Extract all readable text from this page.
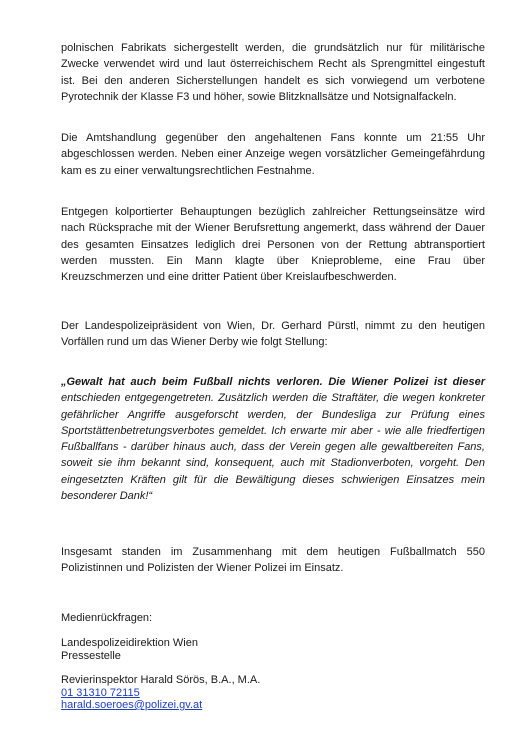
polnischen Fabrikats sichergestellt werden, die grundsätzlich nur für militärische Zwecke verwendet wird und laut österreichischem Recht als Sprengmittel eingestuft ist. Bei den anderen Sicherstellungen handelt es sich vorwiegend um verbotene Pyrotechnik der Klasse F3 und höher, sowie Blitzknallsätze und Notsignalfackeln.

Die Amtshandlung gegenüber den angehaltenen Fans konnte um 21:55 Uhr abgeschlossen werden. Neben einer Anzeige wegen vorsätzlicher Gemeingefährdung kam es zu einer verwaltungsrechtlichen Festnahme.

Entgegen kolportierter Behauptungen bezüglich zahlreicher Rettungseinsätze wird nach Rücksprache mit der Wiener Berufsrettung angemerkt, dass während der Dauer des gesamten Einsatzes lediglich drei Personen von der Rettung abtransportiert werden mussten. Ein Mann klagte über Knieprobleme, eine Frau über Kreuzschmerzen und eine dritter Patient über Kreislaufbeschwerden.

Der Landespolizeipräsident von Wien, Dr. Gerhard Pürstl, nimmt zu den heutigen Vorfällen rund um das Wiener Derby wie folgt Stellung:

„Gewalt hat auch beim Fußball nichts verloren. Die Wiener Polizei ist dieser entschieden entgegengetreten. Zusätzlich werden die Straftäter, die wegen konkreter gefährlicher Angriffe ausgeforscht werden, der Bundesliga zur Prüfung eines Sportstättenbetretungsverbotes gemeldet. Ich erwarte mir aber - wie alle friedfertigen Fußballfans - darüber hinaus auch, dass der Verein gegen alle gewaltbereiten Fans, soweit sie ihm bekannt sind, konsequent, auch mit Stadionverboten, vorgeht. Den eingesetzten Kräften gilt für die Bewältigung dieses schwierigen Einsatzes mein besonderer Dank!“

Insgesamt standen im Zusammenhang mit dem heutigen Fußballmatch 550 Polizistinnen und Polizisten der Wiener Polizei im Einsatz.

Medienrückfragen:
Landespolizeidirektion Wien
Pressestelle
Revierinspektor Harald Sörös, B.A., M.A.
01 31310 72115
harald.soeroes@polizei.gv.at
